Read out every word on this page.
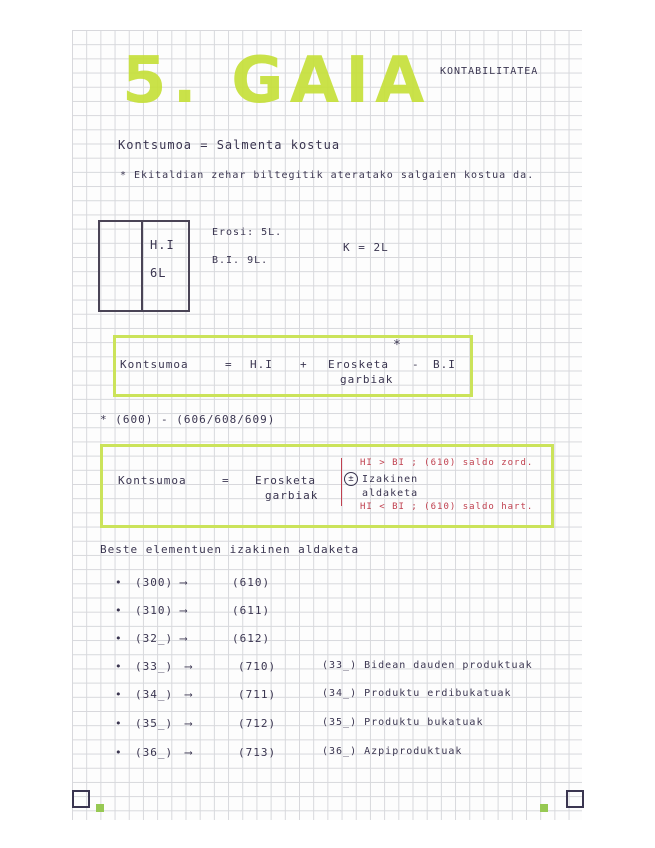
5. GAIA KONTABILITATEA
Kontsumoa = Salmenta kostua
* Ekitaldian zehar biltegitik ateratako salgaien kostua da.
H.I
6L
Erosi: 5L.
B.I. 9L.
K = 2L
Kontsumoa	= H.I + Erosketa
garbiak
*
- B.I
* (600) - (606/608/609)
Kontsumoa	= Erosketa
garbiak
±
HI > BI ; (610) saldo zord.
Izakinen
aldaketa
HI < BI ; (610) saldo hart.
Beste elementuen izakinen aldaketa
• (300) ⟶	(610)
• (310) ⟶	(611)
• (32_) ⟶	(612)
• (33_) ⟶	(710)	(33_) Bidean dauden produktuak
• (34_) ⟶	(711)	(34_) Produktu erdibukatuak
• (35_) ⟶	(712)	(35_) Produktu bukatuak
• (36_) ⟶	(713)	(36_) Azpiproduktuak
